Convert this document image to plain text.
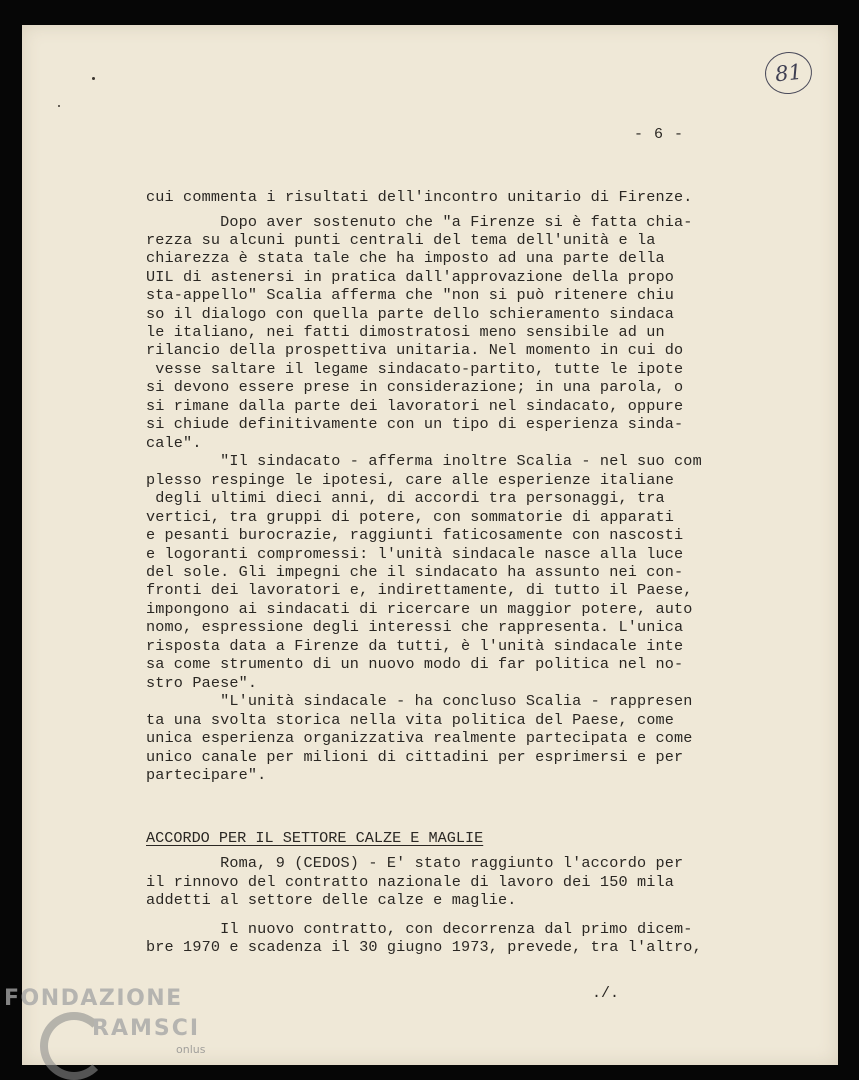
81
- 6 -
cui commenta i risultati dell'incontro unitario di Firenze.
Dopo aver sostenuto che "a Firenze si è fatta chia-
rezza su alcuni punti centrali del tema dell'unità e la
chiarezza è stata tale che ha imposto ad una parte della
UIL di astenersi in pratica dall'approvazione della propo
sta-appello" Scalia afferma che "non si può ritenere chiu
so il dialogo con quella parte dello schieramento sindaca
le italiano, nei fatti dimostratosi meno sensibile ad un
rilancio della prospettiva unitaria. Nel momento in cui do
vesse saltare il legame sindacato-partito, tutte le ipote
si devono essere prese in considerazione; in una parola, o
si rimane dalla parte dei lavoratori nel sindacato, oppure
si chiude definitivamente con un tipo di esperienza sinda-
cale".
"Il sindacato - afferma inoltre Scalia - nel suo com
plesso respinge le ipotesi, care alle esperienze italiane
degli ultimi dieci anni, di accordi tra personaggi, tra
vertici, tra gruppi di potere, con sommatorie di apparati
e pesanti burocrazie, raggiunti faticosamente con nascosti
e logoranti compromessi: l'unità sindacale nasce alla luce
del sole. Gli impegni che il sindacato ha assunto nei con-
fronti dei lavoratori e, indirettamente, di tutto il Paese,
impongono ai sindacati di ricercare un maggior potere, auto
nomo, espressione degli interessi che rappresenta. L'unica
risposta data a Firenze da tutti, è l'unità sindacale inte
sa come strumento di un nuovo modo di far politica nel no-
stro Paese".
"L'unità sindacale - ha concluso Scalia - rappresen
ta una svolta storica nella vita politica del Paese, come
unica esperienza organizzativa realmente partecipata e come
unico canale per milioni di cittadini per esprimersi e per
partecipare".
ACCORDO PER IL SETTORE CALZE E MAGLIE
Roma, 9 (CEDOS) - E' stato raggiunto l'accordo per
il rinnovo del contratto nazionale di lavoro dei 150 mila
addetti al settore delle calze e maglie.
Il nuovo contratto, con decorrenza dal primo dicem-
bre 1970 e scadenza il 30 giugno 1973, prevede, tra l'altro,
./.
FONDAZIONE
RAMSCI
onlus
